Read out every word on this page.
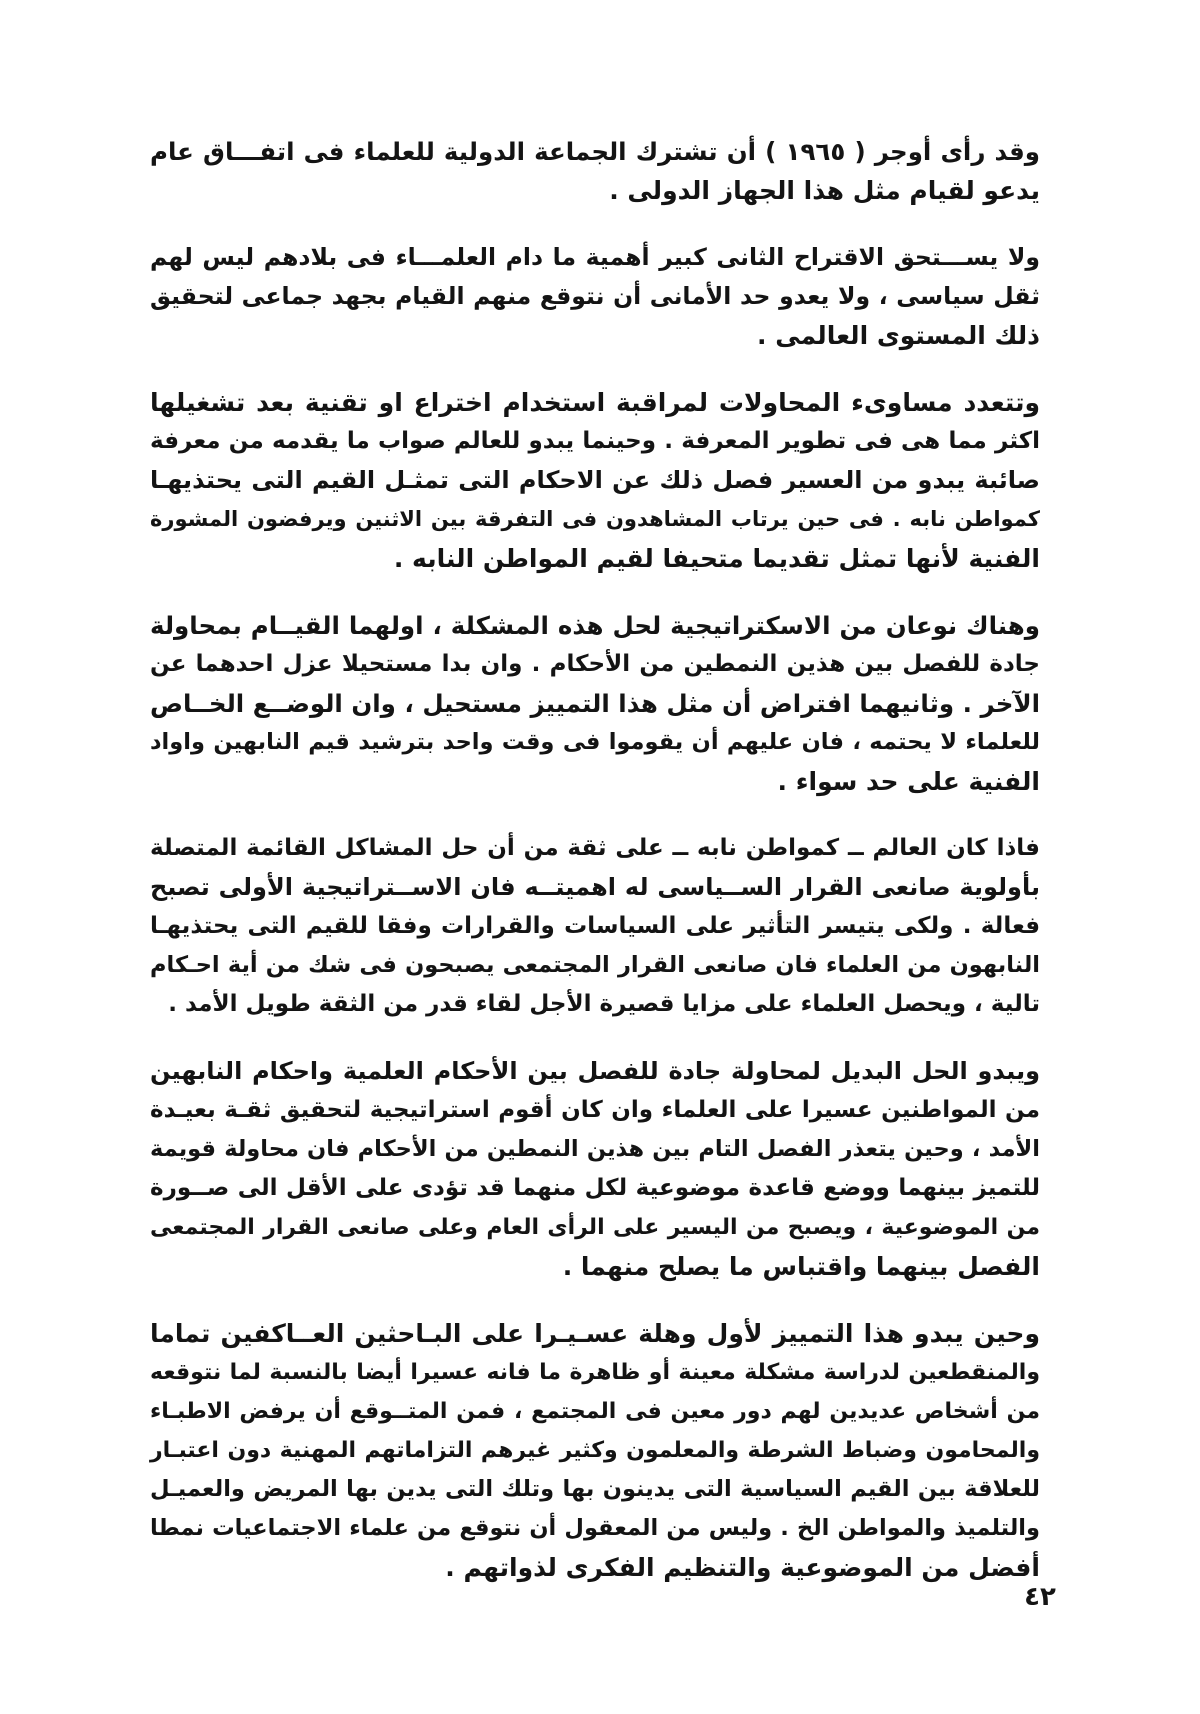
وقد رأى أوجر ( ١٩٦٥ ) أن تشترك الجماعة الدولية للعلماء فى اتفـــاق عام
يدعو لقيام مثل هذا الجهاز الدولى .

ولا يســـتحق الاقتراح الثانى كبير أهمية ما دام العلمـــاء فى بلادهم ليس لهم
ثقل سياسى ، ولا يعدو حد الأمانى أن نتوقع منهم القيام بجهد جماعى لتحقيق
ذلك المستوى العالمى .

وتتعدد مساوىء المحاولات لمراقبة استخدام اختراع او تقنية بعد تشغيلها
اكثر مما هى فى تطوير المعرفة . وحينما يبدو للعالم صواب ما يقدمه من معرفة
صائبة يبدو من العسير فصل ذلك عن الاحكام التى تمثـل القيم التى يحتذيهـا
كمواطن نابه . فى حين يرتاب المشاهدون فى التفرقة بين الاثنين ويرفضون المشورة
الفنية لأنها تمثل تقديما متحيفا لقيم المواطن النابه .

وهناك نوعان من الاسكتراتيجية لحل هذه المشكلة ، اولهما القيــام بمحاولة
جادة للفصل بين هذين النمطين من الأحكام . وان بدا مستحيلا عزل احدهما عن
الآخر . وثانيهما افتراض أن مثل هذا التمييز مستحيل ، وان الوضــع الخــاص
للعلماء لا يحتمه ، فان عليهم أن يقوموا فى وقت واحد بترشيد قيم النابهين واواد
الفنية على حد سواء .

فاذا كان العالم ــ كمواطن نابه ــ على ثقة من أن حل المشاكل القائمة المتصلة
بأولوية صانعى القرار الســياسى له اهميتــه فان الاســتراتيجية الأولى تصبح
فعالة . ولكى يتيسر التأثير على السياسات والقرارات وفقا للقيم التى يحتذيهـا
النابهون من العلماء فان صانعى القرار المجتمعى يصبحون فى شك من أية احـكام
تالية ، ويحصل العلماء على مزايا قصيرة الأجل لقاء قدر من الثقة طويل الأمد .

ويبدو الحل البديل لمحاولة جادة للفصل بين الأحكام العلمية واحكام النابهين
من المواطنين عسيرا على العلماء وان كان أقوم استراتيجية لتحقيق ثقـة بعيـدة
الأمد ، وحين يتعذر الفصل التام بين هذين النمطين من الأحكام فان محاولة قويمة
للتميز بينهما ووضع قاعدة موضوعية لكل منهما قد تؤدى على الأقل الى صــورة
من الموضوعية ، ويصبح من اليسير على الرأى العام وعلى صانعى القرار المجتمعى
الفصل بينهما واقتباس ما يصلح منهما .

وحين يبدو هذا التمييز لأول وهلة عسـيـرا على البـاحثين العــاكفين تماما
والمنقطعين لدراسة مشكلة معينة أو ظاهرة ما فانه عسيرا أيضا بالنسبة لما نتوقعه
من أشخاص عديدين لهم دور معين فى المجتمع ، فمن المتــوقع أن يرفض الاطبـاء
والمحامون وضباط الشرطة والمعلمون وكثير غيرهم التزاماتهم المهنية دون اعتبـار
للعلاقة بين القيم السياسية التى يدينون بها وتلك التى يدين بها المريض والعميـل
والتلميذ والمواطن الخ . وليس من المعقول أن نتوقع من علماء الاجتماعيات نمطا
أفضل من الموضوعية والتنظيم الفكرى لذواتهم .

٤٢
